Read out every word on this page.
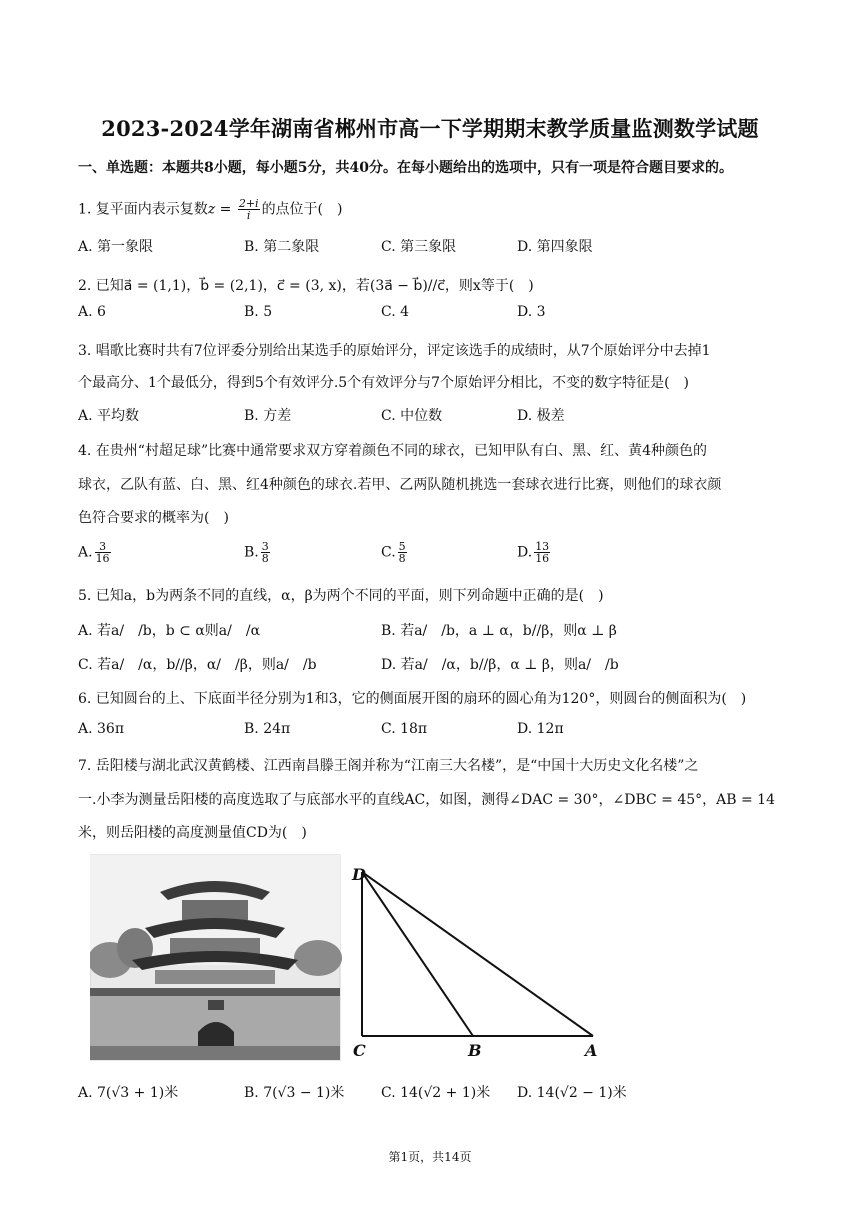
2023-2024学年湖南省郴州市高一下学期期末教学质量监测数学试题
一、单选题：本题共8小题，每小题5分，共40分。在每小题给出的选项中，只有一项是符合题目要求的。
1. 复平面内表示复数$z = \frac{2+i}{i}$ 的点位于(　)
A. 第一象限	B. 第二象限	C. 第三象限	D. 第四象限
2. 已知a⃗ = (1,1)，b⃗ = (2,1)，c⃗ = (3, x)，若(3a⃗ − b⃗)//c⃗，则x等于(　)
A. 6	B. 5	C. 4	D. 3
3. 唱歌比赛时共有7位评委分别给出某选手的原始评分，评定该选手的成绩时，从7个原始评分中去掉1
个最高分、1个最低分，得到5个有效评分.5个有效评分与7个原始评分相比，不变的数字特征是(　)
A. 平均数	B. 方差	C. 中位数	D. 极差
4. 在贵州“村超足球”比赛中通常要求双方穿着颜色不同的球衣，已知甲队有白、黑、红、黄4种颜色的
球衣，乙队有蓝、白、黑、红4种颜色的球衣.若甲、乙两队随机挑选一套球衣进行比赛，则他们的球衣颜
色符合要求的概率为(　)
A. $\frac{3}{16}$	B. $\frac{3}{8}$	C. $\frac{5}{8}$	D. $\frac{13}{16}$
5. 已知a，b为两条不同的直线，α，β为两个不同的平面，则下列命题中正确的是(　)
A. 若a/　/b，b ⊂ α则a/　/α	B. 若a/　/b，a ⊥ α，b//β，则α ⊥ β
C. 若a/　/α，b//β，α/　/β，则a/　/b	D. 若a/　/α，b//β，α ⊥ β，则a/　/b
6. 已知圆台的上、下底面半径分别为1和3，它的侧面展开图的扇环的圆心角为120°，则圆台的侧面积为(　)
A. 36π	B. 24π	C. 18π	D. 12π
7. 岳阳楼与湖北武汉黄鹤楼、江西南昌滕王阁并称为“江南三大名楼”，是“中国十大历史文化名楼”之
一.小李为测量岳阳楼的高度选取了与底部水平的直线AC，如图，测得∠DAC = 30°，∠DBC = 45°，AB = 14
米，则岳阳楼的高度测量值CD为(　)
D
C	B	A
A. 7(√3 + 1)米	B. 7(√3 − 1)米	C. 14(√2 + 1)米 D. 14(√2 − 1)米
第1页，共14页
